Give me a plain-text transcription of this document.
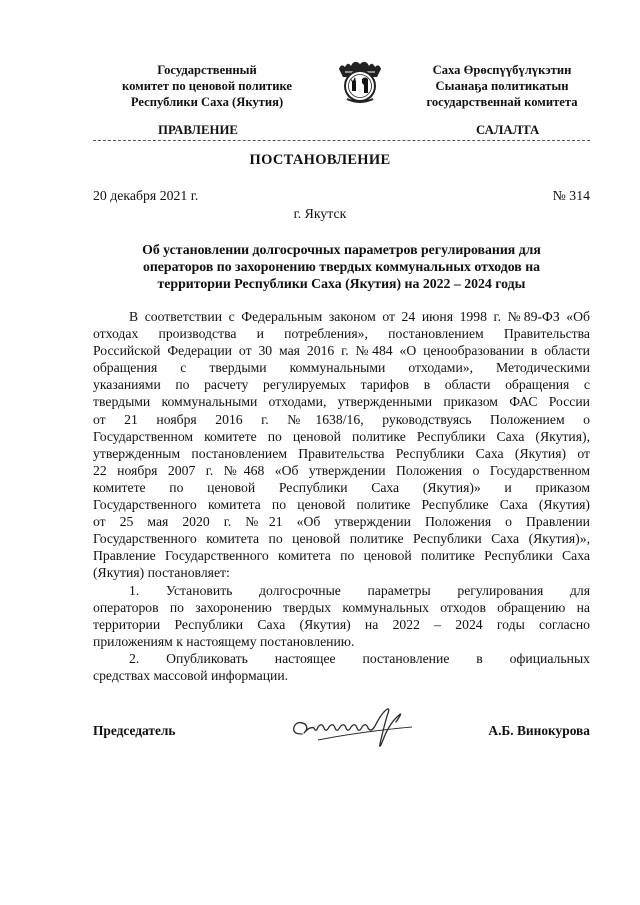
Государственный
комитет по ценовой политике
Республики Саха (Якутия)
Саха Өрөспүүбүлүкэтин
Сыанаҕа политикатын
государственнай комитета
ПРАВЛЕНИЕ	САЛАЛТА
ПОСТАНОВЛЕНИЕ
20 декабря 2021 г.	№ 314
г. Якутск
Об установлении долгосрочных параметров регулирования для
операторов по захоронению твердых коммунальных отходов на
территории Республики Саха (Якутия) на 2022 – 2024 годы

В соответствии с Федеральным законом от 24 июня 1998 г. №89-ФЗ «Об
отходах производства и потребления», постановлением Правительства
Российской Федерации от 30 мая 2016 г. №484 «О ценообразовании в области
обращения с твердыми коммунальными отходами», Методическими
указаниями по расчету регулируемых тарифов в области обращения с
твердыми коммунальными отходами, утвержденными приказом ФАС России
от 21 ноября 2016 г. №1638/16, руководствуясь Положением о
Государственном комитете по ценовой политике Республики Саха (Якутия),
утвержденным постановлением Правительства Республики Саха (Якутия) от
22 ноября 2007 г. №468 «Об утверждении Положения о Государственном
комитете по ценовой Республики Саха (Якутия)» и приказом
Государственного комитета по ценовой политике Республике Саха (Якутия)
от 25 мая 2020 г. №21 «Об утверждении Положения о Правлении
Государственного комитета по ценовой политике Республики Саха (Якутия)»,
Правление Государственного комитета по ценовой политике Республики Саха
(Якутия) постановляет:

1. Установить долгосрочные параметры регулирования для
операторов по захоронению твердых коммунальных отходов обращению на
территории Республики Саха (Якутия) на 2022 – 2024 годы согласно
приложениям к настоящему постановлению.

2. Опубликовать настоящее постановление в официальных
средствах массовой информации.

Председатель	А.Б. Винокурова
